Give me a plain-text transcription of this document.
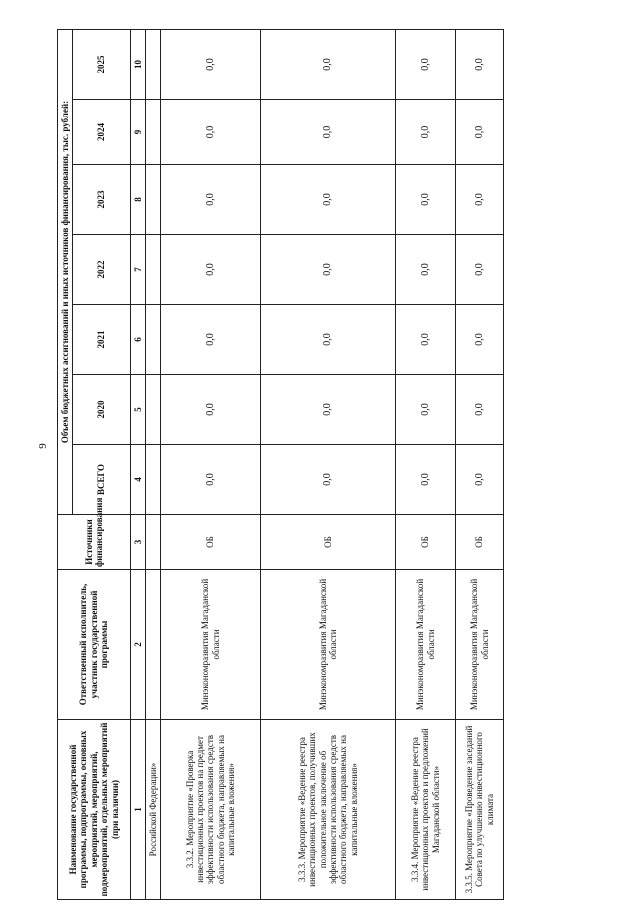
9
Наименование государственной программы, подпрограммы, основных мероприятий, мероприятий, подмероприятий, отдельных мероприятий (при наличии)	Ответственный исполнитель, участник государственной программы	Источники финансирования	Объем бюджетных ассигнований и иных источников финансирования, тыс. рублей:						
			ВСЕГО	2020	2021	2022	2023	2024	2025
1	2	3	4	5	6	7	8	9	10
Российской Федерации»									
3.3.2. Мероприятие «Проверка инвестиционных проектов на предмет эффективности использования средств областного бюджета, направляемых на капитальные вложения»	Минэкономразвития Магаданской области	ОБ	0,0	0,0	0,0	0,0	0,0	0,0	0,0
3.3.3. Мероприятие «Ведение реестра инвестиционных проектов, получивших положительное заключение об эффективности использования средств областного бюджета, направляемых на капитальные вложения»	Минэкономразвития Магаданской области	ОБ	0,0	0,0	0,0	0,0	0,0	0,0	0,0
3.3.4. Мероприятие «Ведение реестра инвестиционных проектов и предложений Магаданской области»	Минэкономразвития Магаданской области	ОБ	0,0	0,0	0,0	0,0	0,0	0,0	0,0
3.3.5. Мероприятие «Проведение заседаний Совета по улучшению инвестиционного климата	Минэкономразвития Магаданской области	ОБ	0,0	0,0	0,0	0,0	0,0	0,0	0,0
